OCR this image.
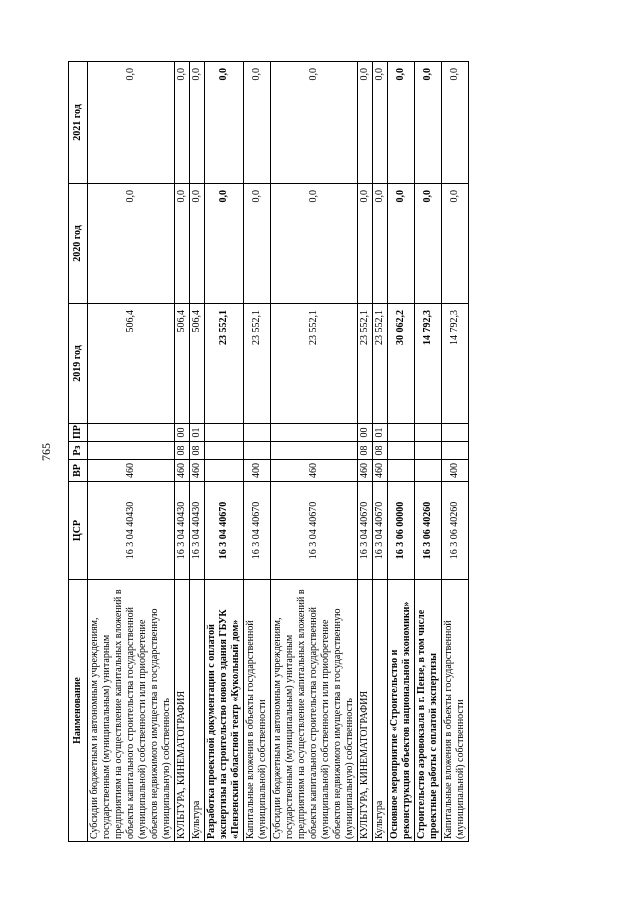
765
Наименование	ЦСР	ВР	Рз	ПР	2019 год	2020 год	2021 год
Субсидии бюджетным и автономным учреждениям, государственным (муниципальным) унитарным предприятиям на осуществление капитальных вложений в объекты капитального строительства государственной (муниципальной) собственности или приобретение объектов недвижимого имущества в государственную (муниципальную) собственность	16 3 04 40430	460			506,4	0,0	0,0
КУЛЬТУРА, КИНЕМАТОГРАФИЯ	16 3 04 40430	460	08	00	506,4	0,0	0,0
Культура	16 3 04 40430	460	08	01	506,4	0,0	0,0
Разработка проектной документации с оплатой экспертизы на строительство нового здания ГБУК «Пензенский областной театр «Кукольный дом»	16 3 04 40670				23 552,1	0,0	0,0
Капитальные вложения в объекты государственной (муниципальной) собственности	16 3 04 40670	400			23 552,1	0,0	0,0
Субсидии бюджетным и автономным учреждениям, государственным (муниципальным) унитарным предприятиям на осуществление капитальных вложений в объекты капитального строительства государственной (муниципальной) собственности или приобретение объектов недвижимого имущества в государственную (муниципальную) собственность	16 3 04 40670	460			23 552,1	0,0	0,0
КУЛЬТУРА, КИНЕМАТОГРАФИЯ	16 3 04 40670	460	08	00	23 552,1	0,0	0,0
Культура	16 3 04 40670	460	08	01	23 552,1	0,0	0,0
Основное мероприятие «Строительство и реконструкция объектов национальной экономики»	16 3 06 00000				30 062,2	0,0	0,0
Строительство аэровокзала в г. Пензе, в том числе проектные работы с оплатой экспертизы	16 3 06 40260				14 792,3	0,0	0,0
Капитальные вложения в объекты государственной (муниципальной) собственности	16 3 06 40260	400			14 792,3	0,0	0,0
